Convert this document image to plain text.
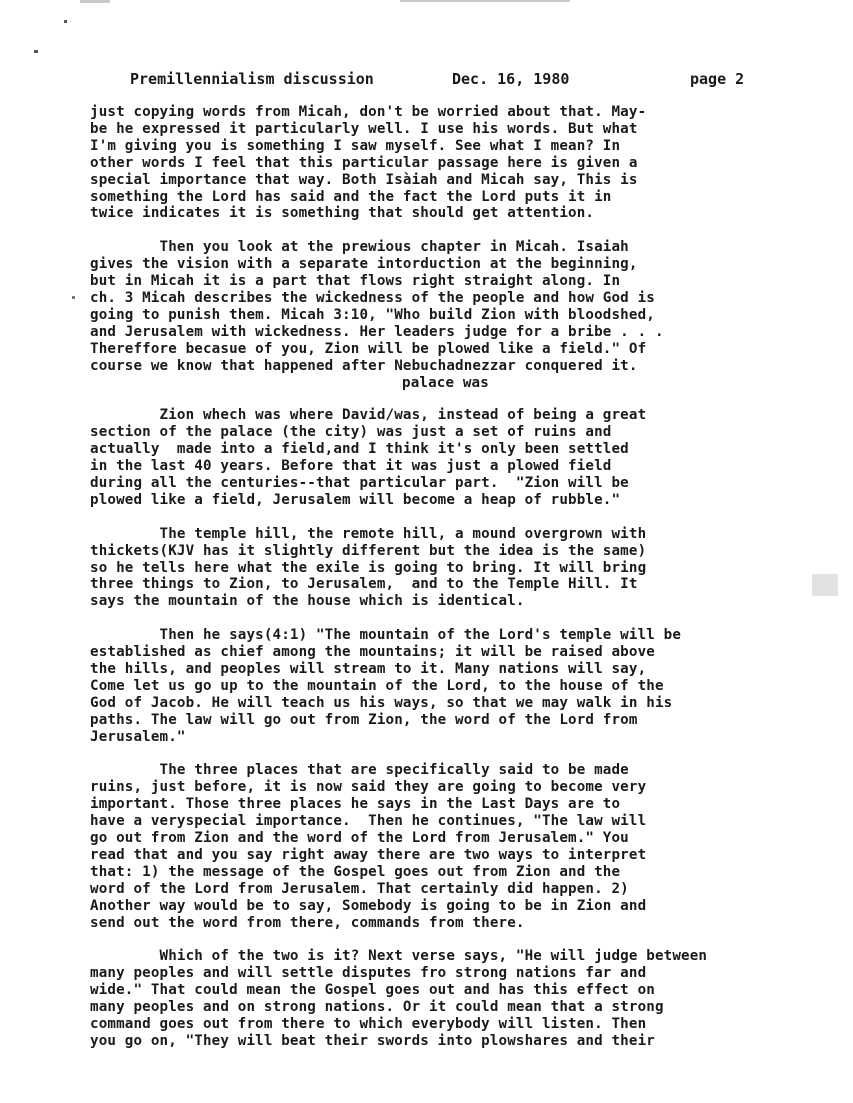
Premillennialism discussion

	Dec. 16, 1980

	page 2

just copying words from Micah, don't be worried about that. May-
be he expressed it particularly well. I use his words. But what
I'm giving you is something I saw myself. See what I mean? In
other words I feel that this particular passage here is given a
special importance that way. Both Isàiah and Micah say, This is
something the Lord has said and the fact the Lord puts it in
twice indicates it is something that should get attention.
Then you look at the prewious chapter in Micah. Isaiah
gives the vision with a separate intorduction at the beginning,
but in Micah it is a part that flows right straight along. In
ch. 3 Micah describes the wickedness of the people and how God is
going to punish them. Micah 3:10, "Who build Zion with bloodshed,
and Jerusalem with wickedness. Her leaders judge for a bribe . . .
Thereffore becasue of you, Zion will be plowed like a field." Of
course we know that happened after Nebuchadnezzar conquered it.
palace was
Zion whech was where David/was, instead of being a great
section of the palace (the city) was just a set of ruins and
actually  made into a field,and I think it's only been settled
in the last 40 years. Before that it was just a plowed field
during all the centuries--that particular part.  "Zion will be
plowed like a field, Jerusalem will become a heap of rubble."
The temple hill, the remote hill, a mound overgrown with
thickets(KJV has it slightly different but the idea is the same)
so he tells here what the exile is going to bring. It will bring
three things to Zion, to Jerusalem,  and to the Temple Hill. It
says the mountain of the house which is identical.
Then he says(4:1) "The mountain of the Lord's temple will be
established as chief among the mountains; it will be raised above
the hills, and peoples will stream to it. Many nations will say,
Come let us go up to the mountain of the Lord, to the house of the
God of Jacob. He will teach us his ways, so that we may walk in his
paths. The law will go out from Zion, the word of the Lord from
Jerusalem."
The three places that are specifically said to be made
ruins, just before, it is now said they are going to become very
important. Those three places he says in the Last Days are to
have a veryspecial importance.  Then he continues, "The law will
go out from Zion and the word of the Lord from Jerusalem." You
read that and you say right away there are two ways to interpret
that: 1) the message of the Gospel goes out from Zion and the
word of the Lord from Jerusalem. That certainly did happen. 2)
Another way would be to say, Somebody is going to be in Zion and
send out the word from there, commands from there.
Which of the two is it? Next verse says, "He will judge between
many peoples and will settle disputes fro strong nations far and
wide." That could mean the Gospel goes out and has this effect on
many peoples and on strong nations. Or it could mean that a strong
command goes out from there to which everybody will listen. Then
you go on, "They will beat their swords into plowshares and their
